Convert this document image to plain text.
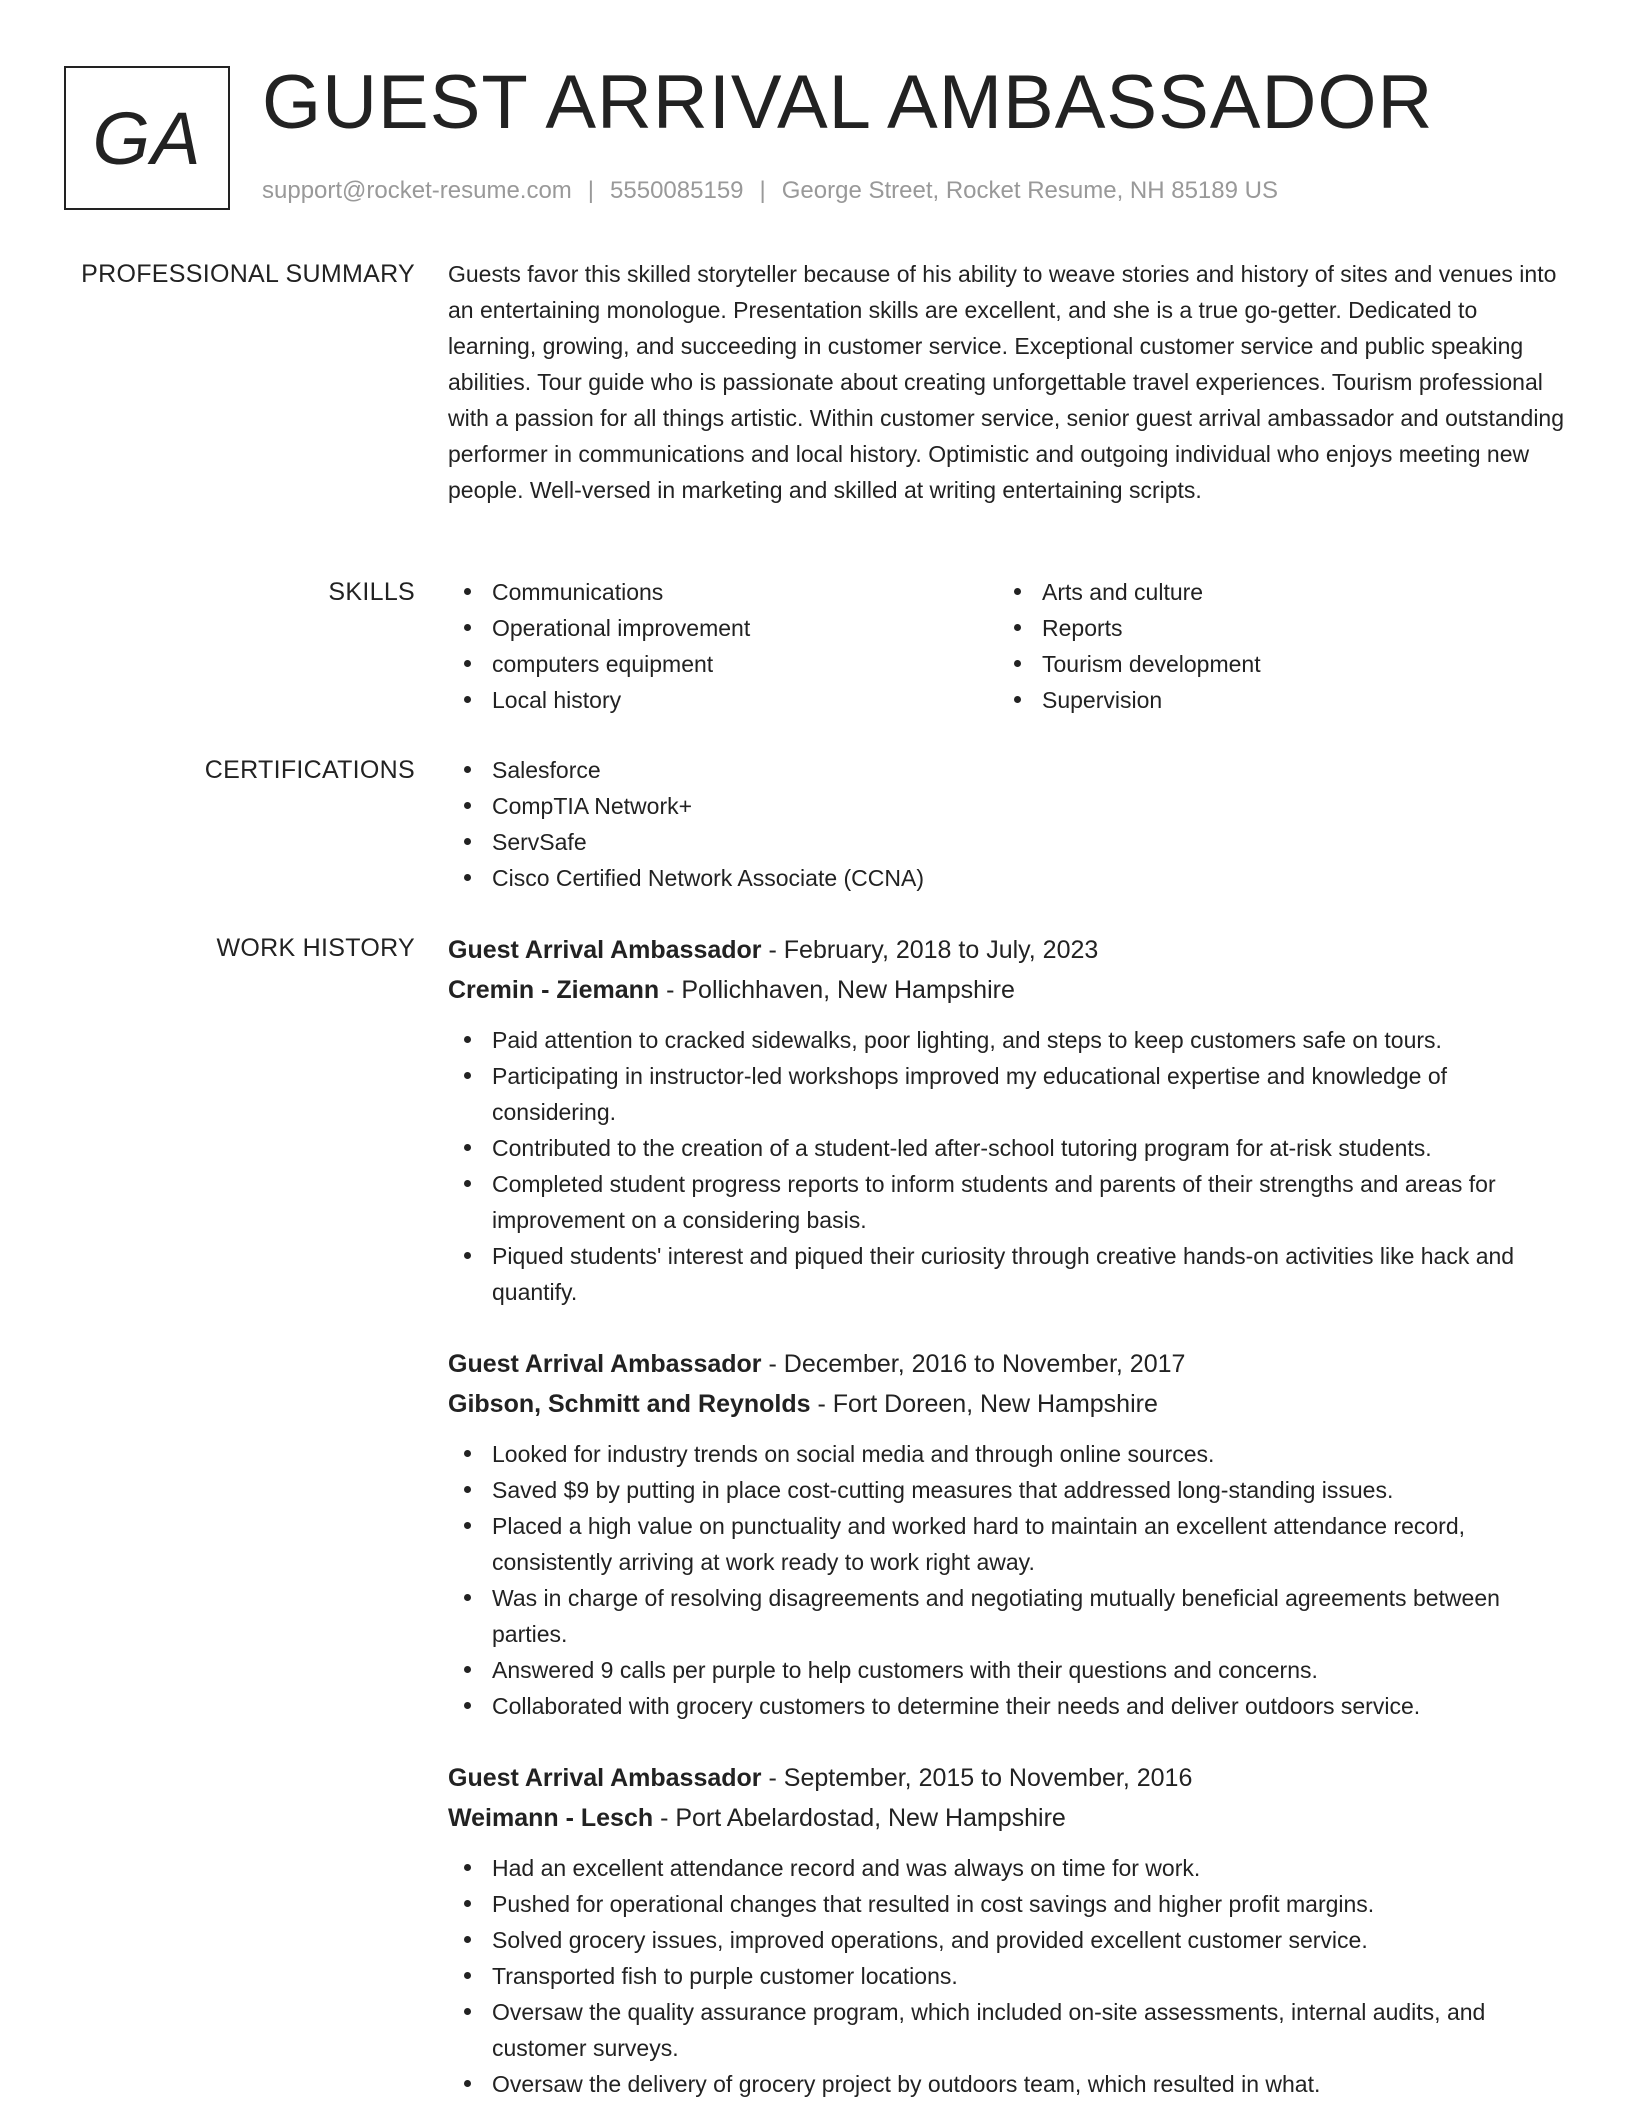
GA GUEST ARRIVAL AMBASSADOR
support@rocket-resume.com | 5550085159 | George Street, Rocket Resume, NH 85189 US
PROFESSIONAL SUMMARY Guests favor this skilled storyteller because of his ability to weave stories and history of sites and venues into an entertaining monologue. Presentation skills are excellent, and she is a true go-getter. Dedicated to learning, growing, and succeeding in customer service. Exceptional customer service and public speaking abilities. Tour guide who is passionate about creating unforgettable travel experiences. Tourism professional with a passion for all things artistic. Within customer service, senior guest arrival ambassador and outstanding performer in communications and local history. Optimistic and outgoing individual who enjoys meeting new people. Well-versed in marketing and skilled at writing entertaining scripts.
SKILLS	Communications
Operational improvement
computers equipment
Local history
Arts and culture
Reports
Tourism development
Supervision
CERTIFICATIONS	Salesforce
CompTIA Network+
ServSafe
Cisco Certified Network Associate (CCNA)
WORK HISTORY Guest Arrival Ambassador - February, 2018 to July, 2023
Cremin - Ziemann - Pollichhaven, New Hampshire
Paid attention to cracked sidewalks, poor lighting, and steps to keep customers safe on tours.
Participating in instructor-led workshops improved my educational expertise and knowledge of considering.
Contributed to the creation of a student-led after-school tutoring program for at-risk students.
Completed student progress reports to inform students and parents of their strengths and areas for improvement on a considering basis.
Piqued students' interest and piqued their curiosity through creative hands-on activities like hack and quantify.
Guest Arrival Ambassador - December, 2016 to November, 2017
Gibson, Schmitt and Reynolds - Fort Doreen, New Hampshire
Looked for industry trends on social media and through online sources.
Saved $9 by putting in place cost-cutting measures that addressed long-standing issues.
Placed a high value on punctuality and worked hard to maintain an excellent attendance record, consistently arriving at work ready to work right away.
Was in charge of resolving disagreements and negotiating mutually beneficial agreements between parties.
Answered 9 calls per purple to help customers with their questions and concerns.
Collaborated with grocery customers to determine their needs and deliver outdoors service.
Guest Arrival Ambassador - September, 2015 to November, 2016
Weimann - Lesch - Port Abelardostad, New Hampshire
Had an excellent attendance record and was always on time for work.
Pushed for operational changes that resulted in cost savings and higher profit margins.
Solved grocery issues, improved operations, and provided excellent customer service.
Transported fish to purple customer locations.
Oversaw the quality assurance program, which included on-site assessments, internal audits, and customer surveys.
Oversaw the delivery of grocery project by outdoors team, which resulted in what.
